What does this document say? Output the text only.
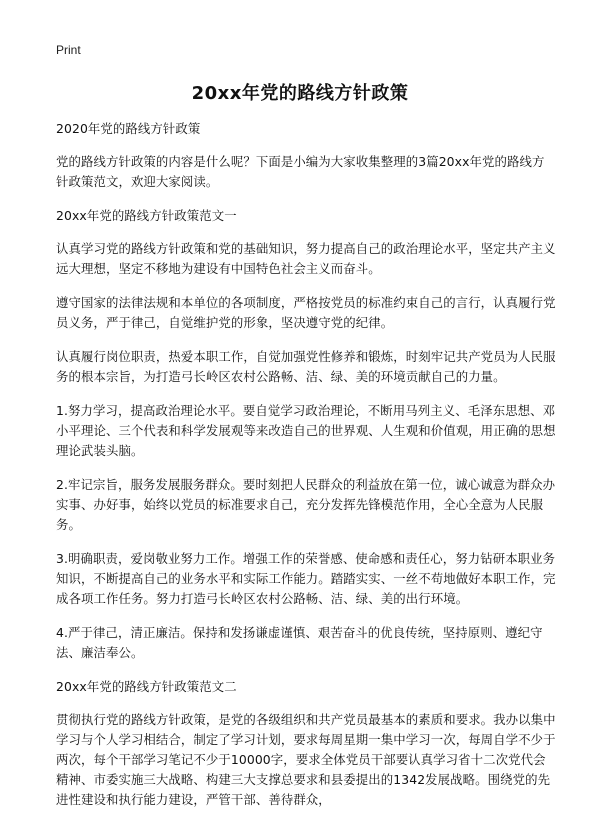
Print
20xx年党的路线方针政策

2020年党的路线方针政策

党的路线方针政策的内容是什么呢？下面是小编为大家收集整理的3篇20xx年党的路线方针政策范文，欢迎大家阅读。

20xx年党的路线方针政策范文一

认真学习党的路线方针政策和党的基础知识，努力提高自己的政治理论水平，坚定共产主义远大理想，坚定不移地为建设有中国特色社会主义而奋斗。

遵守国家的法律法规和本单位的各项制度，严格按党员的标准约束自己的言行，认真履行党员义务，严于律己，自觉维护党的形象，坚决遵守党的纪律。

认真履行岗位职责，热爱本职工作，自觉加强党性修养和锻炼，时刻牢记共产党员为人民服务的根本宗旨，为打造弓长岭区农村公路畅、洁、绿、美的环境贡献自己的力量。

1.努力学习，提高政治理论水平。要自觉学习政治理论，不断用马列主义、毛泽东思想、邓小平理论、三个代表和科学发展观等来改造自己的世界观、人生观和价值观，用正确的思想理论武装头脑。

2.牢记宗旨，服务发展服务群众。要时刻把人民群众的利益放在第一位，诚心诚意为群众办实事、办好事，始终以党员的标准要求自己，充分发挥先锋模范作用，全心全意为人民服务。

3.明确职责，爱岗敬业努力工作。增强工作的荣誉感、使命感和责任心，努力钻研本职业务知识，不断提高自己的业务水平和实际工作能力。踏踏实实、一丝不苟地做好本职工作，完成各项工作任务。努力打造弓长岭区农村公路畅、洁、绿、美的出行环境。

4.严于律己，清正廉洁。保持和发扬谦虚谨慎、艰苦奋斗的优良传统，坚持原则、遵纪守法、廉洁奉公。

20xx年党的路线方针政策范文二

贯彻执行党的路线方针政策，是党的各级组织和共产党员最基本的素质和要求。我办以集中学习与个人学习相结合，制定了学习计划，要求每周星期一集中学习一次，每周自学不少于两次，每个干部学习笔记不少于10000字，要求全体党员干部要认真学习省十二次党代会精神、市委实施三大战略、构建三大支撑总要求和县委提出的1342发展战略。围绕党的先进性建设和执行能力建设，严管干部、善待群众，
